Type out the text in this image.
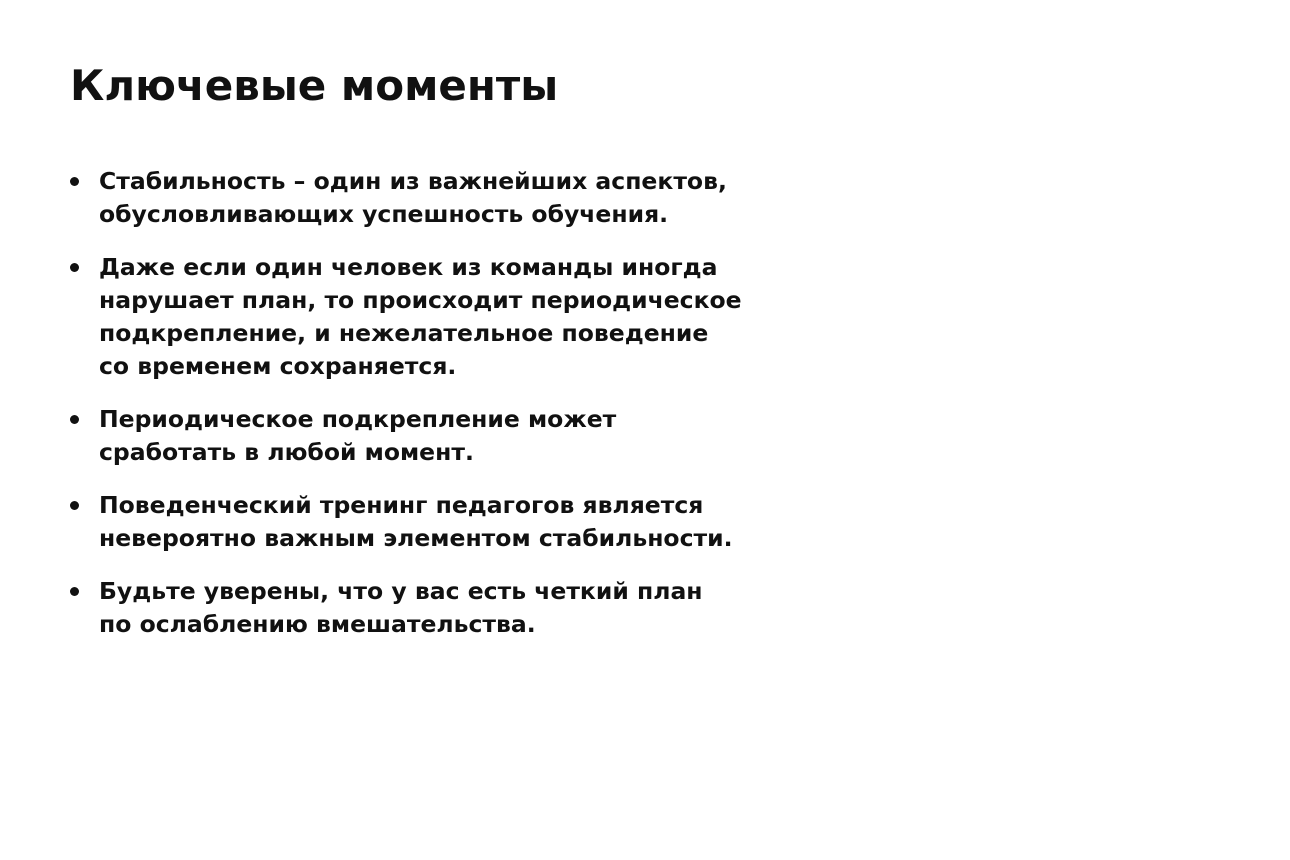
Ключевые моменты
Стабильность – один из важнейших аспектов,
обусловливающих успешность обучения.
Даже если один человек из команды иногда
нарушает план, то происходит периодическое
подкрепление, и нежелательное поведение
со временем сохраняется.
Периодическое подкрепление может
сработать в любой момент.
Поведенческий тренинг педагогов является
невероятно важным элементом стабильности.
Будьте уверены, что у вас есть четкий план
по ослаблению вмешательства.
